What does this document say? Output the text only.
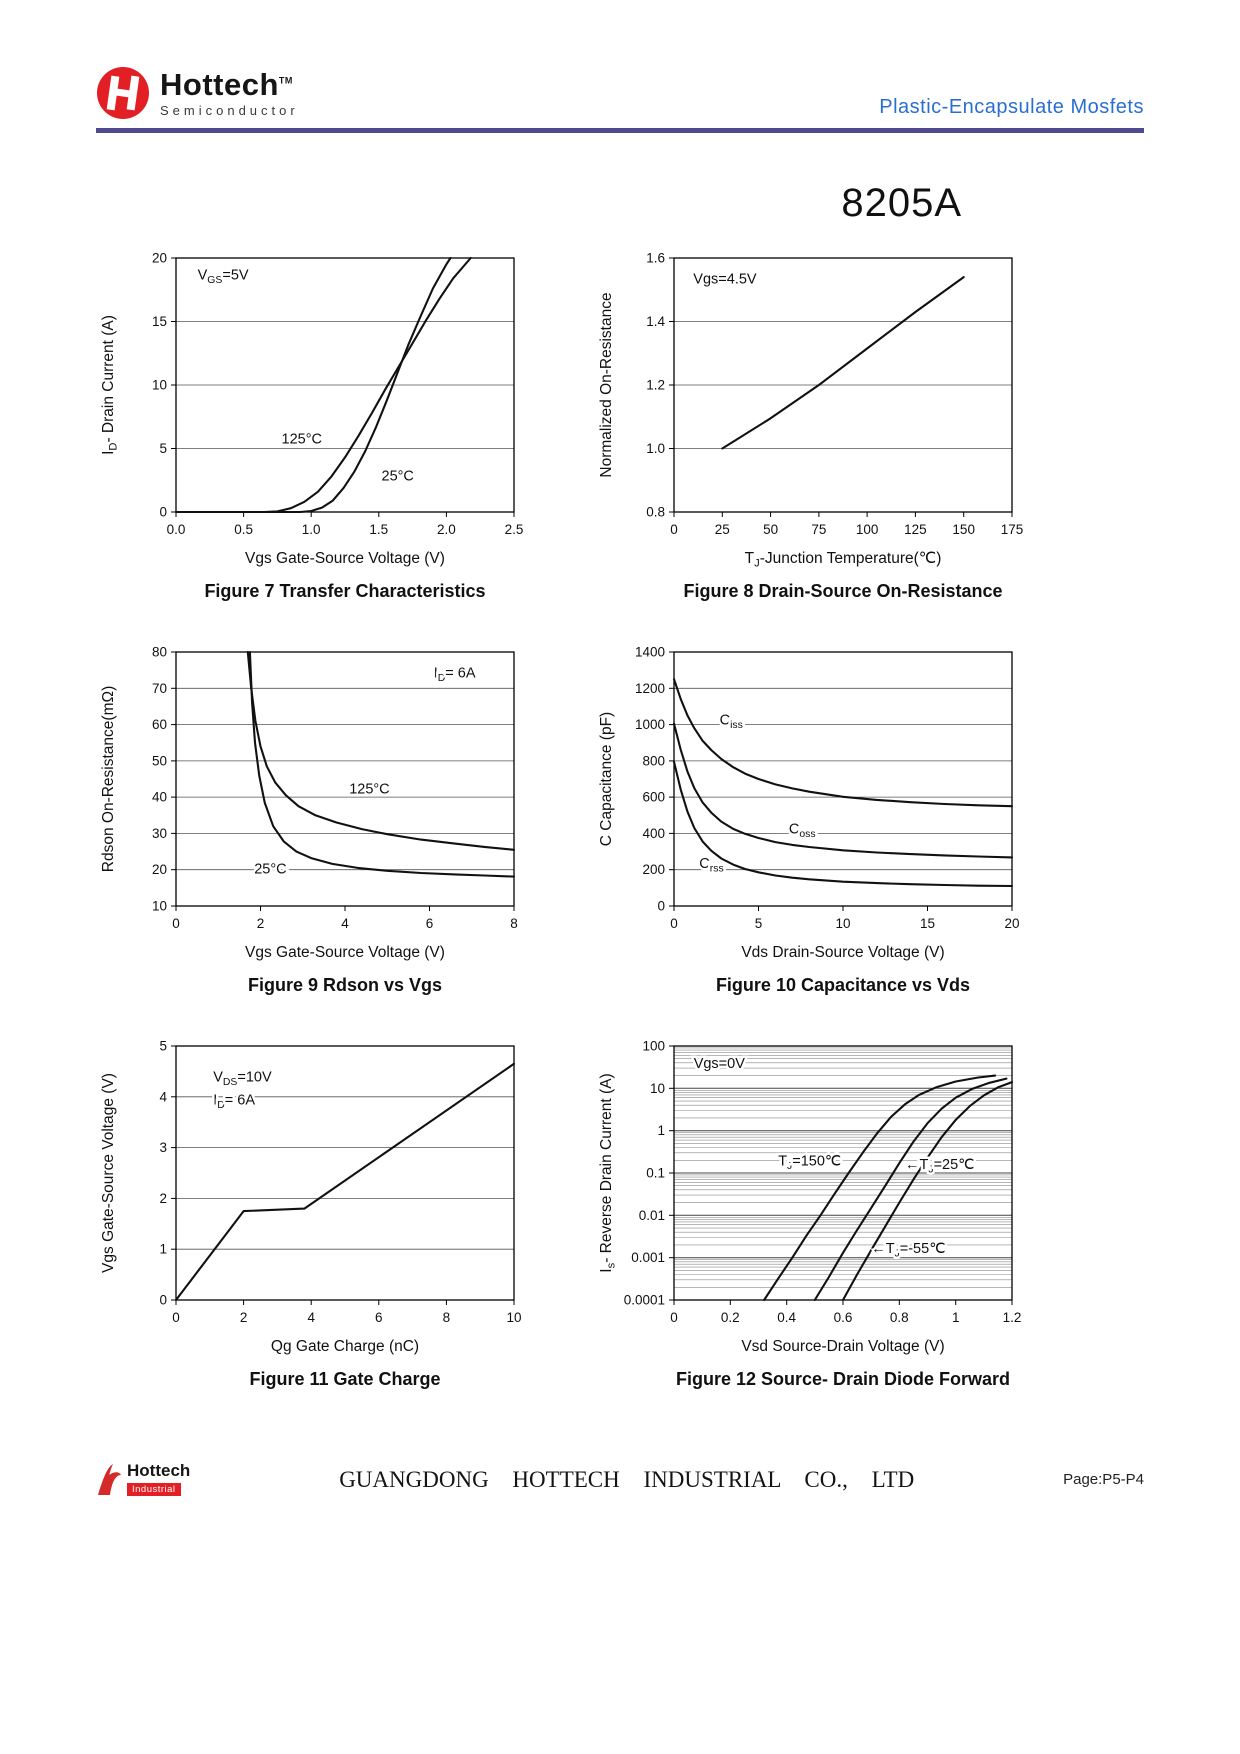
Hottech™
Semiconductor	Plastic-Encapsulate Mosfets
8205A
0.0	0.5	1.0	1.5	2.0	2.5
0
5
10
15
20
$V_{GS}=5V$
125°C
25°C
Vgs Gate-Source Voltage (V)
$I_D-$ Drain Current (A)
Figure 7 Transfer Characteristics
0	25 50 75 100 125 150 175
0.8
1.0
1.2
1.4
1.6
Vgs=4.5V
$T_J$-Junction Temperature(℃)
Normalized On-Resistance
Figure 8 Drain-Source On-Resistance
0	2	4	6	8
10
20
30
40
50
60
70
80
$I_D= 6A$
125°C
25°C
Vgs Gate-Source Voltage (V)
Rdson On-Resistance(mΩ)
Figure 9 Rdson vs Vgs
0	5	10	15	20
0
200
400
600
800
1000
1200
1400
$C_{iss}$
$C_{oss}$
$C_{rss}$
Vds Drain-Source Voltage (V)
C Capacitance (pF)
Figure 10 Capacitance vs Vds
0	2	4	6	8	10
0
1
2
3
4
5
$V_{DS}=10V$
$I_D= 6A$
Qg Gate Charge (nC)
Vgs Gate-Source Voltage (V)
Figure 11 Gate Charge
0	0.2	0.4	0.6	0.8	1	1.2
0.0001
0.001
0.01
0.1
1
10
100
Vgs=0V
$T_J=150℃$	$\leftarrow T_J=25℃$
$\leftarrow T_J=-55℃$
Vsd Source-Drain Voltage (V)
$I_s-$ Reverse Drain Current (A)
Figure 12 Source- Drain Diode Forward
Hottech
Industrial	GUANGDONG HOTTECH INDUSTRIAL CO., LTD	Page:P5-P4
